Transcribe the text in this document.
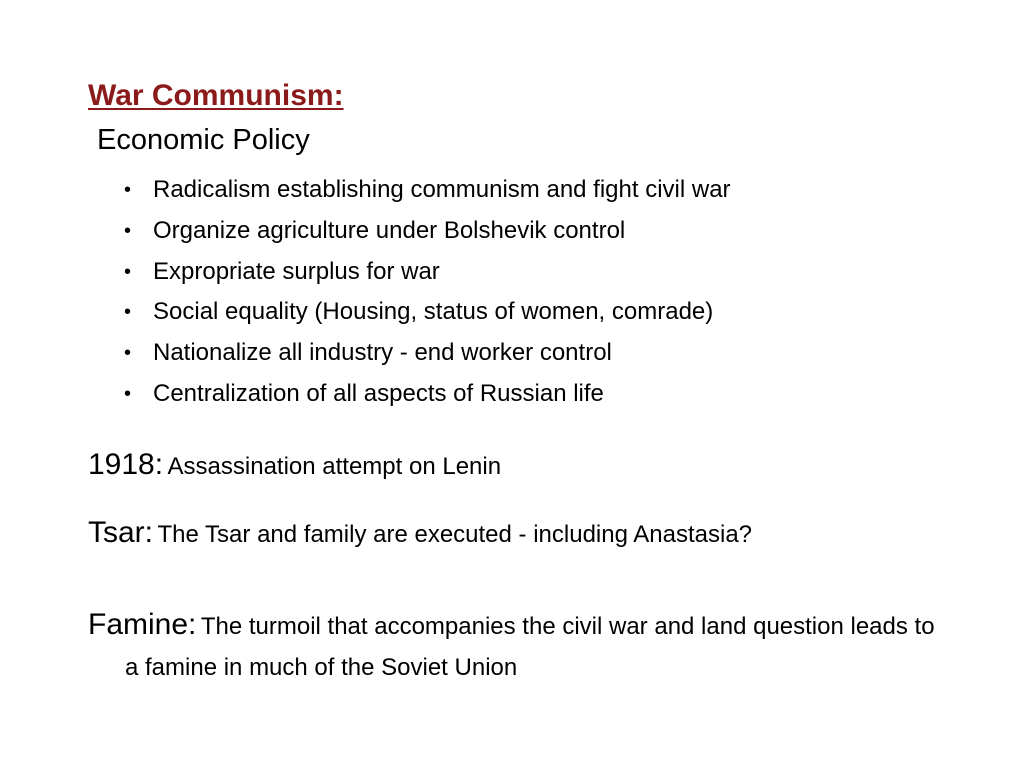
War Communism:
Economic Policy
• Radicalism establishing communism and fight civil war
• Organize agriculture under Bolshevik control
• Expropriate surplus for war
• Social equality (Housing, status of women, comrade)
• Nationalize all industry - end worker control
• Centralization of all aspects of Russian life
1918: Assassination attempt on Lenin
Tsar: The Tsar and family are executed - including Anastasia?
Famine: The turmoil that accompanies the civil war and land question leads to a famine in much of the Soviet Union
